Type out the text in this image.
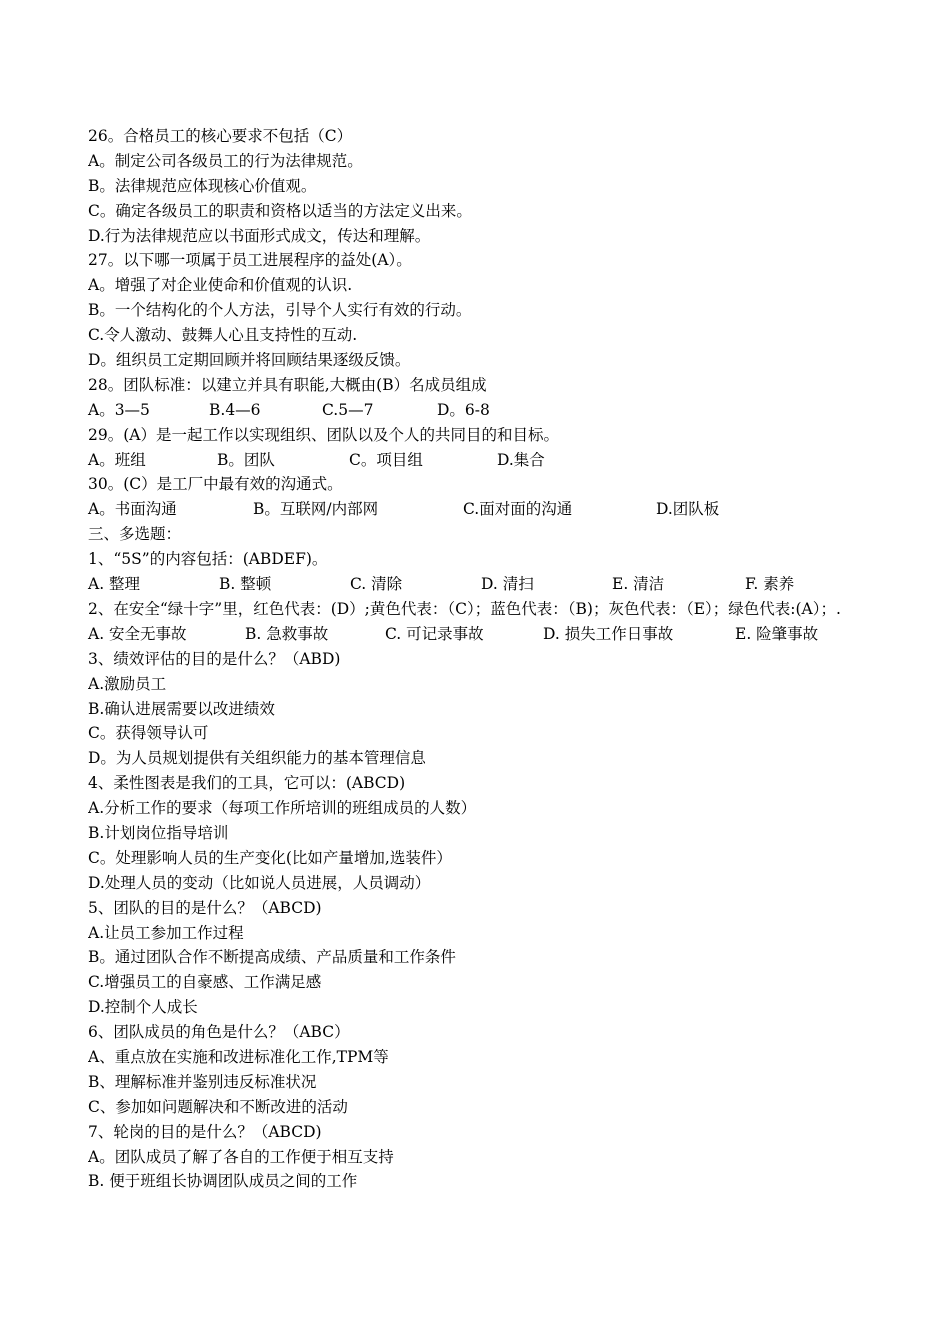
26。合格员工的核心要求不包括（C）
A。制定公司各级员工的行为法律规范。
B。法律规范应体现核心价值观。
C。确定各级员工的职责和资格以适当的方法定义出来。
D.行为法律规范应以书面形式成文，传达和理解。
27。以下哪一项属于员工进展程序的益处(A）。
A。增强了对企业使命和价值观的认识.
B。一个结构化的个人方法，引导个人实行有效的行动。
C.令人激动、鼓舞人心且支持性的互动.
D。组织员工定期回顾并将回顾结果逐级反馈。
28。团队标准：以建立并具有职能,大概由(B）名成员组成
A。3—5	B.4—6	C.5—7	D。6-8
29。(A）是一起工作以实现组织、团队以及个人的共同目的和目标。
A。班组	B。团队	C。项目组	D.集合
30。(C）是工厂中最有效的沟通式。
A。书面沟通	B。互联网/内部网	C.面对面的沟通	D.团队板
三、多选题：
1、“5S”的内容包括：(ABDEF)。
A. 整理	B. 整顿	C. 清除	D. 清扫	E. 清洁	F. 素养
2、在安全“绿十字”里，红色代表：(D）;黄色代表：（C）；蓝色代表：（B)；灰色代表：（E）；绿色代表:(A）；.
A. 安全无事故	B. 急救事故	C. 可记录事故	D. 损失工作日事故	E. 险肇事故
3、绩效评估的目的是什么？（ABD)
A.激励员工
B.确认进展需要以改进绩效
C。获得领导认可
D。为人员规划提供有关组织能力的基本管理信息
4、柔性图表是我们的工具，它可以：(ABCD)
A.分析工作的要求（每项工作所培训的班组成员的人数）
B.计划岗位指导培训
C。处理影响人员的生产变化(比如产量增加,选装件）
D.处理人员的变动（比如说人员进展，人员调动）
5、团队的目的是什么？（ABCD)
A.让员工参加工作过程
B。通过团队合作不断提高成绩、产品质量和工作条件
C.增强员工的自豪感、工作满足感
D.控制个人成长
6、团队成员的角色是什么？（ABC）
A、重点放在实施和改进标准化工作,TPM等
B、理解标准并鉴别违反标准状况
C、参加如问题解决和不断改进的活动
7、轮岗的目的是什么？（ABCD)
A。团队成员了解了各自的工作便于相互支持
B. 便于班组长协调团队成员之间的工作
